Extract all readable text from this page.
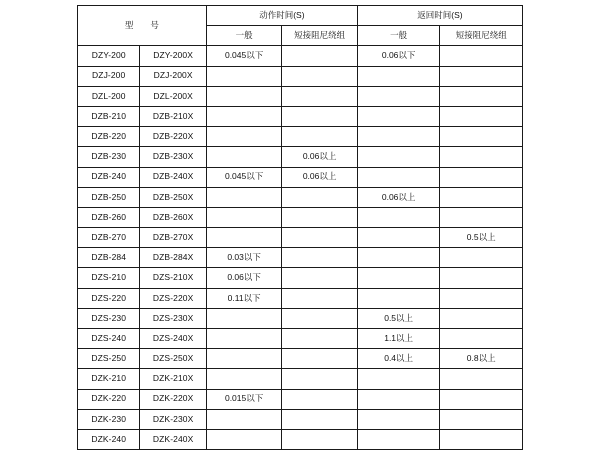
型　　号		动作时间(S)		返回时间(S)	
		一般	短接阻尼绕组	一般	短接阻尼绕组
DZY-200	DZY-200X	0.045以下		0.06以下	
DZJ-200	DZJ-200X				
DZL-200	DZL-200X				
DZB-210	DZB-210X				
DZB-220	DZB-220X				
DZB-230	DZB-230X		0.06以上		
DZB-240	DZB-240X	0.045以下	0.06以上		
DZB-250	DZB-250X			0.06以上	
DZB-260	DZB-260X				
DZB-270	DZB-270X				0.5以上
DZB-284	DZB-284X	0.03以下			
DZS-210	DZS-210X	0.06以下			
DZS-220	DZS-220X	0.11以下			
DZS-230	DZS-230X			0.5以上	
DZS-240	DZS-240X			1.1以上	
DZS-250	DZS-250X			0.4以上	0.8以上
DZK-210	DZK-210X				
DZK-220	DZK-220X	0.015以下			
DZK-230	DZK-230X				
DZK-240	DZK-240X				
